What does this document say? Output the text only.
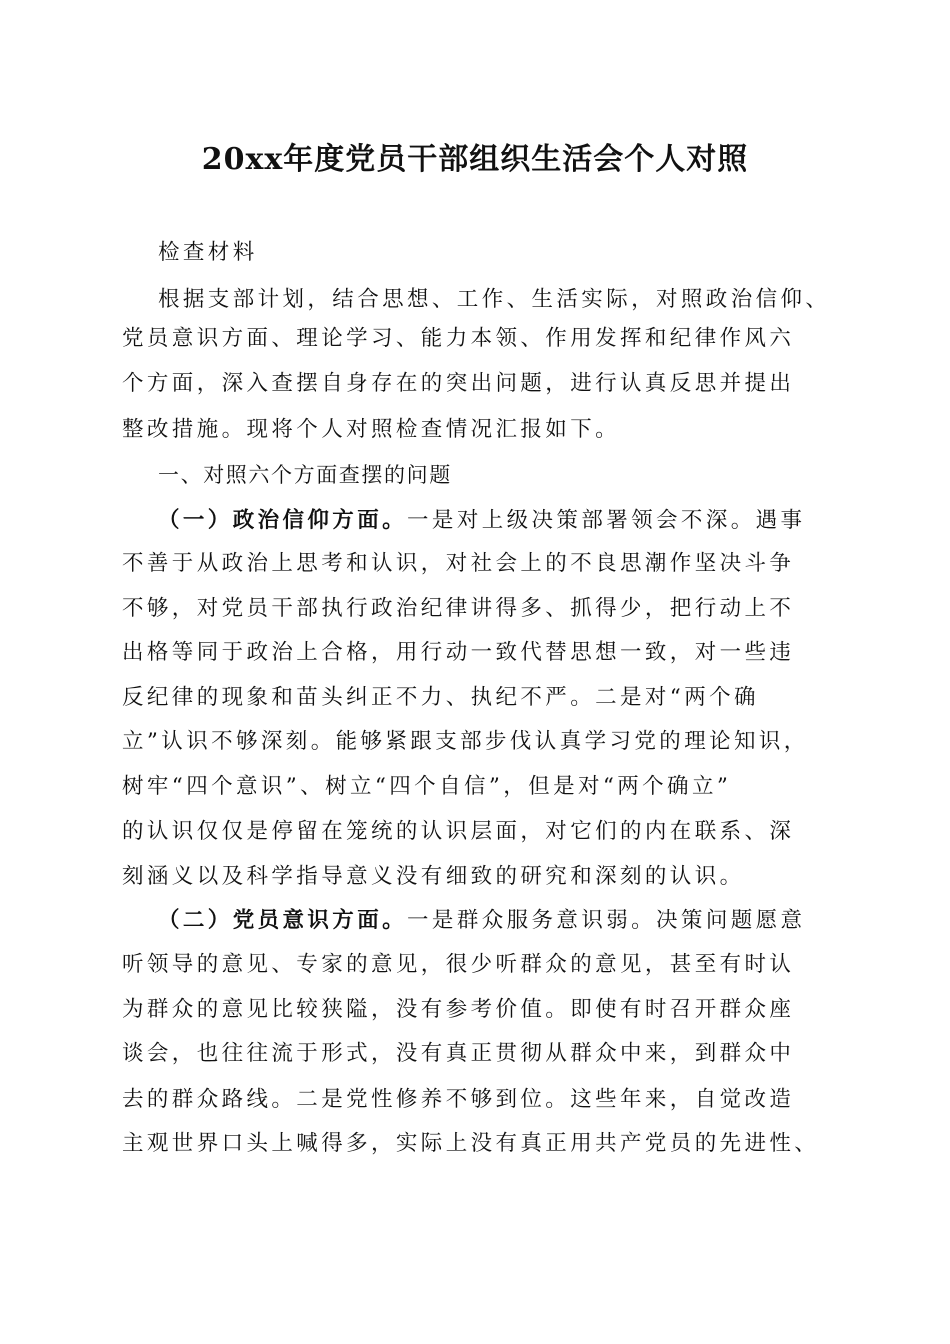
20xx年度党员干部组织生活会个人对照
检查材料
根据支部计划，结合思想、工作、生活实际，对照政治信仰、
党员意识方面、理论学习、能力本领、作用发挥和纪律作风六
个方面，深入查摆自身存在的突出问题，进行认真反思并提出
整改措施。现将个人对照检查情况汇报如下。
一、对照六个方面查摆的问题
（一）政治信仰方面。一是对上级决策部署领会不深。遇事
不善于从政治上思考和认识，对社会上的不良思潮作坚决斗争
不够，对党员干部执行政治纪律讲得多、抓得少，把行动上不
出格等同于政治上合格，用行动一致代替思想一致，对一些违
反纪律的现象和苗头纠正不力、执纪不严。二是对“两个确
立”认识不够深刻。能够紧跟支部步伐认真学习党的理论知识，
树牢“四个意识”、树立“四个自信”，但是对“两个确立”
的认识仅仅是停留在笼统的认识层面，对它们的内在联系、深
刻涵义以及科学指导意义没有细致的研究和深刻的认识。
（二）党员意识方面。一是群众服务意识弱。决策问题愿意
听领导的意见、专家的意见，很少听群众的意见，甚至有时认
为群众的意见比较狭隘，没有参考价值。即使有时召开群众座
谈会，也往往流于形式，没有真正贯彻从群众中来，到群众中
去的群众路线。二是党性修养不够到位。这些年来，自觉改造
主观世界口头上喊得多，实际上没有真正用共产党员的先进性、
